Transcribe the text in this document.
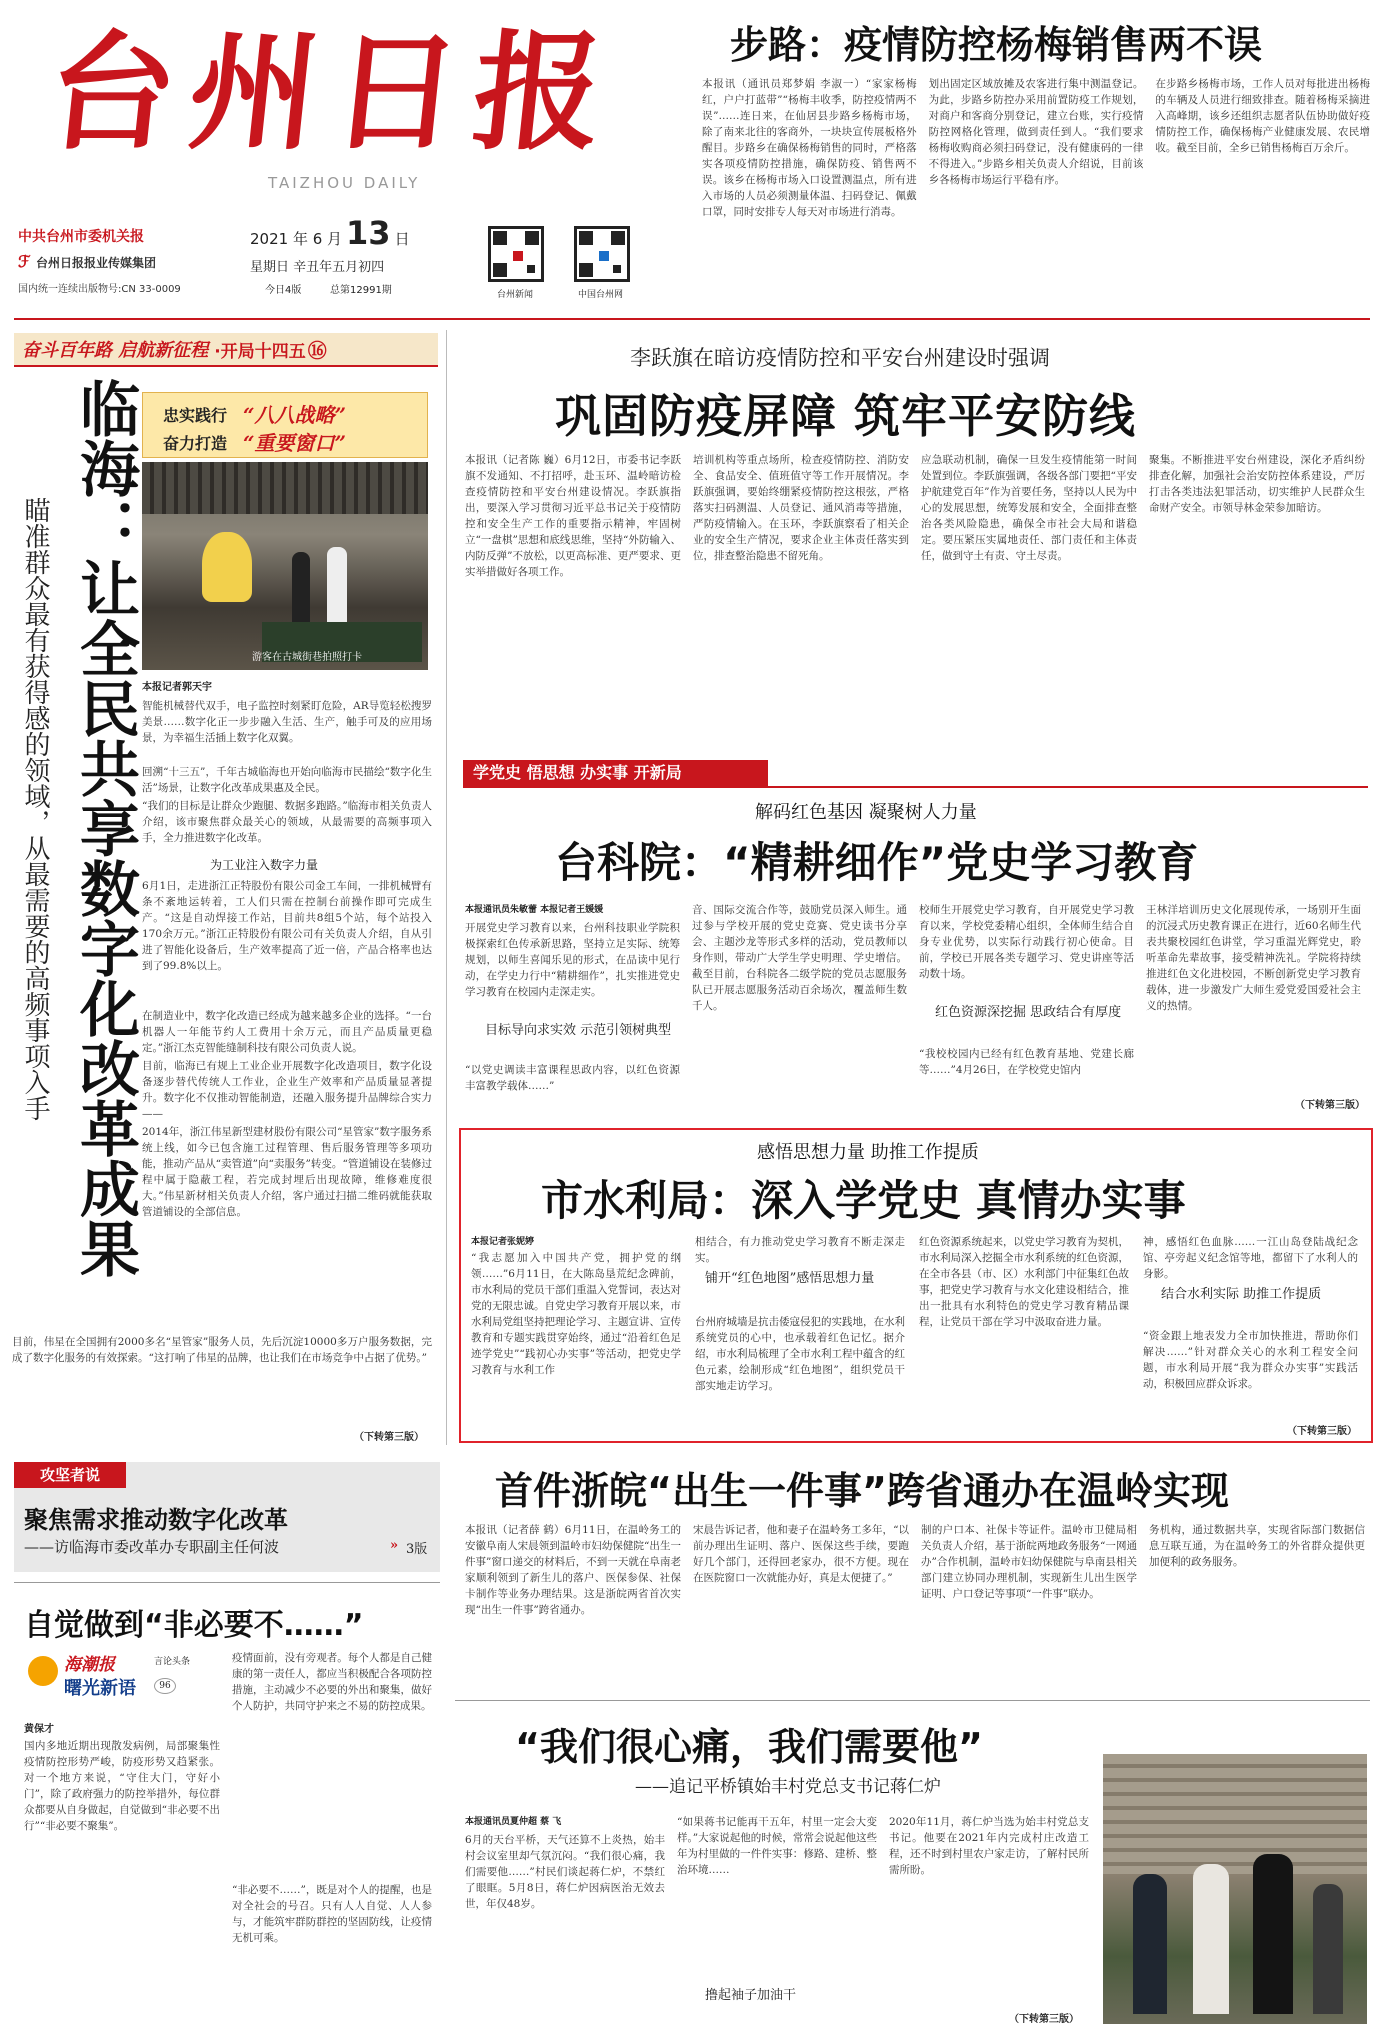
台州日报
TAIZHOU DAILY
中共台州市委机关报
ℱ 台州日报报业传媒集团
国内统一连续出版物号:CN 33-0009
2021 年 6 月 13 日
星期日 辛丑年五月初四
今日4版	总第12991期	台州新闻	中国台州网
步路：疫情防控杨梅销售两不误
本报讯（通讯员郑梦娟 李淑一）“家家杨梅红，户户打蓝带”“杨梅丰收季，防控疫情两不误”……连日来，在仙居县步路乡杨梅市场，除了南来北往的客商外，一块块宣传展板格外醒目。步路乡在确保杨梅销售的同时，严格落实各项疫情防控措施，确保防疫、销售两不误。该乡在杨梅市场入口设置测温点，所有进入市场的人员必须测量体温、扫码登记、佩戴口罩，同时安排专人每天对市场进行消毒。
划出固定区域放摊及农客进行集中测温登记。为此，步路乡防控办采用前置防疫工作规划，对商户和客商分别登记，建立台账，实行疫情防控网格化管理，做到责任到人。“我们要求杨梅收购商必须扫码登记，没有健康码的一律不得进入。”步路乡相关负责人介绍说，目前该乡各杨梅市场运行平稳有序。
在步路乡杨梅市场，工作人员对每批进出杨梅的车辆及人员进行细致排查。随着杨梅采摘进入高峰期，该乡还组织志愿者队伍协助做好疫情防控工作，确保杨梅产业健康发展、农民增收。截至目前，全乡已销售杨梅百万余斤。
奋斗百年路 启航新征程 ·开局十四五 ⑯
临海：让全民共享数字化改革成果
瞄准群众最有获得感的领域，从最需要的高频事项入手
忠实践行 “八八战略”
奋力打造 “重要窗口”
游客在古城街巷拍照打卡
本报记者郭天宇
智能机械替代双手，电子监控时刻紧盯危险，AR导览轻松搜罗美景……数字化正一步步融入生活、生产，触手可及的应用场景，为幸福生活插上数字化双翼。
回溯“十三五”，千年古城临海也开始向临海市民描绘“数字化生活”场景，让数字化改革成果惠及全民。
“我们的目标是让群众少跑腿、数据多跑路。”临海市相关负责人介绍，该市聚焦群众最关心的领域，从最需要的高频事项入手，全力推进数字化改革。
为工业注入数字力量
6月1日，走进浙江正特股份有限公司金工车间，一排机械臂有条不紊地运转着，工人们只需在控制台前操作即可完成生产。“这是自动焊接工作站，目前共8组5个站，每个站投入170余万元。”浙江正特股份有限公司有关负责人介绍，自从引进了智能化设备后，生产效率提高了近一倍，产品合格率也达到了99.8%以上。
在制造业中，数字化改造已经成为越来越多企业的选择。“一台机器人一年能节约人工费用十余万元，而且产品质量更稳定。”浙江杰克智能缝制科技有限公司负责人说。
目前，临海已有规上工业企业开展数字化改造项目，数字化设备逐步替代传统人工作业，企业生产效率和产品质量显著提升。数字化不仅推动智能制造，还融入服务提升品牌综合实力——
2014年，浙江伟星新型建材股份有限公司“星管家”数字服务系统上线，如今已包含施工过程管理、售后服务管理等多项功能，推动产品从“卖管道”向“卖服务”转变。“管道铺设在装修过程中属于隐蔽工程，若完成封埋后出现故障，维修难度很大。”伟星新材相关负责人介绍，客户通过扫描二维码就能获取管道铺设的全部信息。
目前，伟星在全国拥有2000多名“星管家”服务人员，先后沉淀10000多万户服务数据，完成了数字化服务的有效探索。“这打响了伟星的品牌，也让我们在市场竞争中占据了优势。”
（下转第三版）
李跃旗在暗访疫情防控和平安台州建设时强调
巩固防疫屏障 筑牢平安防线
本报讯（记者陈 巍）6月12日，市委书记李跃旗不发通知、不打招呼，赴玉环、温岭暗访检查疫情防控和平安台州建设情况。李跃旗指出，要深入学习贯彻习近平总书记关于疫情防控和安全生产工作的重要指示精神，牢固树立“一盘棋”思想和底线思维，坚持“外防输入、内防反弹”不放松，以更高标准、更严要求、更实举措做好各项工作。
培训机构等重点场所，检查疫情防控、消防安全、食品安全、值班值守等工作开展情况。李跃旗强调，要始终绷紧疫情防控这根弦，严格落实扫码测温、人员登记、通风消毒等措施，严防疫情输入。在玉环，李跃旗察看了相关企业的安全生产情况，要求企业主体责任落实到位，排查整治隐患不留死角。
应急联动机制，确保一旦发生疫情能第一时间处置到位。李跃旗强调，各级各部门要把“平安护航建党百年”作为首要任务，坚持以人民为中心的发展思想，统筹发展和安全，全面排查整治各类风险隐患，确保全市社会大局和谐稳定。要压紧压实属地责任、部门责任和主体责任，做到守土有责、守土尽责。
聚集。不断推进平安台州建设，深化矛盾纠纷排查化解，加强社会治安防控体系建设，严厉打击各类违法犯罪活动，切实维护人民群众生命财产安全。市领导林金荣参加暗访。
学党史 悟思想 办实事 开新局
解码红色基因 凝聚树人力量
台科院：“精耕细作”党史学习教育
本报通讯员朱敏蕾 本报记者王媛媛
开展党史学习教育以来，台州科技职业学院积极探索红色传承新思路，坚持立足实际、统筹规划，以师生喜闻乐见的形式，在品读中见行动，在学史力行中“精耕细作”，扎实推进党史学习教育在校园内走深走实。
目标导向求实效 示范引领树典型
“以党史调读丰富课程思政内容，以红色资源丰富教学载体……”
音、国际交流合作等，鼓励党员深入师生。通过参与学校开展的党史竞赛、党史读书分享会、主题沙龙等形式多样的活动，党员教师以身作则，带动广大学生学史明理、学史增信。截至目前，台科院各二级学院的党员志愿服务队已开展志愿服务活动百余场次，覆盖师生数千人。
校师生开展党史学习教育，自开展党史学习教育以来，学校党委精心组织，全体师生结合自身专业优势，以实际行动践行初心使命。目前，学校已开展各类专题学习、党史讲座等活动数十场。
红色资源深挖掘 思政结合有厚度
“我校校园内已经有红色教育基地、党建长廊等……”4月26日，在学校党史馆内
王林洋培训历史文化展现传承，一场别开生面的沉浸式历史教育课正在进行，近60名师生代表共聚校园红色讲堂，学习重温光辉党史，聆听革命先辈故事，接受精神洗礼。学院将持续推进红色文化进校园，不断创新党史学习教育载体，进一步激发广大师生爱党爱国爱社会主义的热情。
（下转第三版）
感悟思想力量 助推工作提质
市水利局：深入学党史 真情办实事
本报记者张妮婷
“我志愿加入中国共产党，拥护党的纲领……”6月11日，在大陈岛垦荒纪念碑前，市水利局的党员干部们重温入党誓词，表达对党的无限忠诚。自党史学习教育开展以来，市水利局党组坚持把理论学习、主题宣讲、宣传教育和专题实践贯穿始终，通过“沿着红色足迹学党史”“践初心办实事”等活动，把党史学习教育与水利工作
相结合，有力推动党史学习教育不断走深走实。
铺开“红色地图”感悟思想力量
台州府城墙是抗击倭寇侵犯的实践地，在水利系统党员的心中，也承载着红色记忆。据介绍，市水利局梳理了全市水利工程中蕴含的红色元素，绘制形成“红色地图”，组织党员干部实地走访学习。
红色资源系统起来，以党史学习教育为契机，市水利局深入挖掘全市水利系统的红色资源，在全市各县（市、区）水利部门中征集红色故事，把党史学习教育与水文化建设相结合，推出一批具有水利特色的党史学习教育精品课程，让党员干部在学习中汲取奋进力量。
神，感悟红色血脉……一江山岛登陆战纪念馆、亭旁起义纪念馆等地，都留下了水利人的身影。
结合水利实际 助推工作提质
“资金跟上地表发力全市加快推进，帮助你们解决……”针对群众关心的水利工程安全问题，市水利局开展“我为群众办实事”实践活动，积极回应群众诉求。
（下转第三版）
攻坚者说
聚焦需求推动数字化改革
——访临海市委改革办专职副主任何波	» 3版
首件浙皖“出生一件事”跨省通办在温岭实现
本报讯（记者薛 鹤）6月11日，在温岭务工的安徽阜南人宋晨领到温岭市妇幼保健院“出生一件事”窗口递交的材料后，不到一天就在阜南老家顺利领到了新生儿的落户、医保参保、社保卡制作等业务办理结果。这是浙皖两省首次实现“出生一件事”跨省通办。
宋晨告诉记者，他和妻子在温岭务工多年，“以前办理出生证明、落户、医保这些手续，要跑好几个部门，还得回老家办，很不方便。现在在医院窗口一次就能办好，真是太便捷了。”
制的户口本、社保卡等证件。温岭市卫健局相关负责人介绍，基于浙皖两地政务服务“一网通办”合作机制，温岭市妇幼保健院与阜南县相关部门建立协同办理机制，实现新生儿出生医学证明、户口登记等事项“一件事”联办。
务机构，通过数据共享，实现省际部门数据信息互联互通，为在温岭务工的外省群众提供更加便利的政务服务。
自觉做到“非必要不……”
海潮报	言论头条
曙光新语	96
黄保才
国内多地近期出现散发病例，局部聚集性疫情防控形势严峻，防疫形势又趋紧张。对一个地方来说，“守住大门，守好小门”，除了政府强力的防控举措外，每位群众都要从自身做起，自觉做到“非必要不出行”“非必要不聚集”。
疫情面前，没有旁观者。每个人都是自己健康的第一责任人，都应当积极配合各项防控措施，主动减少不必要的外出和聚集，做好个人防护，共同守护来之不易的防控成果。
“非必要不……”，既是对个人的提醒，也是对全社会的号召。只有人人自觉、人人参与，才能筑牢群防群控的坚固防线，让疫情无机可乘。
“我们很心痛，我们需要他”
——追记平桥镇始丰村党总支书记蒋仁炉
本报通讯员夏仲超 蔡 飞
6月的天台平桥，天气还算不上炎热，始丰村会议室里却气氛沉闷。“我们很心痛，我们需要他……”村民们谈起蒋仁炉，不禁红了眼眶。5月8日，蒋仁炉因病医治无效去世，年仅48岁。
“如果蒋书记能再干五年，村里一定会大变样。”大家说起他的时候，常常会说起他这些年为村里做的一件件实事：修路、建桥、整治环境……
撸起袖子加油干
2020年11月，蒋仁炉当选为始丰村党总支书记。他要在2021年内完成村庄改造工程，还不时到村里农户家走访，了解村民所需所盼。
（下转第三版）
